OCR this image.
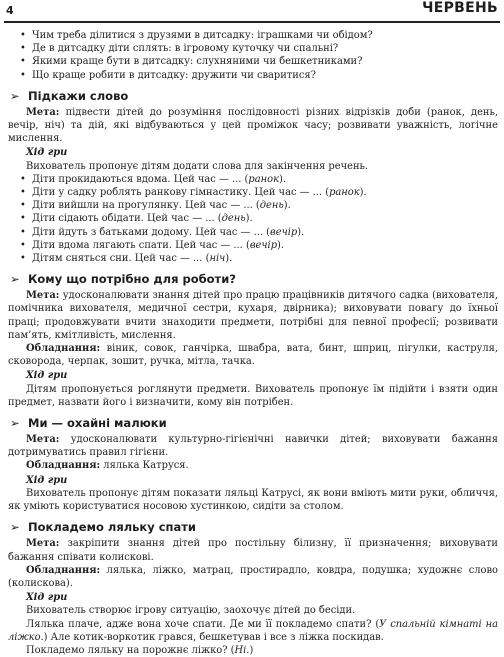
4	ЧЕРВЕНЬ
• Чим треба ділитися з друзями в дитсадку: іграшками чи обідом?
• Де в дитсадку діти сплять: в ігровому куточку чи спальні?
• Якими краще бути в дитсадку: слухняними чи бешкетниками?
• Що краще робити в дитсадку: дружити чи сваритися?
➢ Підкажи слово

Мета: підвести дітей до розуміння послідовності різних відрізків доби (ранок, день, вечір, ніч) та дій, які відбуваються у цей проміжок часу; розвивати уважність, логічне мислення.

Хід гри

Вихователь пропонує дітям додати слова для закінчення речень.

• Діти прокидаються вдома. Цей час — ... (ранок).
• Діти у садку роблять ранкову гімнастику. Цей час — ... (ранок).
• Діти вийшли на прогулянку. Цей час — ... (день).
• Діти сідають обідати. Цей час — ... (день).
• Діти йдуть з батьками додому. Цей час — ... (вечір).
• Діти вдома лягають спати. Цей час — ... (вечір).
• Дітям сняться сни. Цей час — ... (ніч).
➢ Кому що потрібно для роботи?

Мета: удосконалювати знання дітей про працю працівників дитячого садка (вихователя, помічника вихователя, медичної сестри, кухаря, двірника); виховувати повагу до їхньої праці; продовжувати вчити знаходити предмети, потрібні для певної професії; розвивати пам’ять, кмітливість, мислення.

Обладнання: віник, совок, ганчірка, швабра, вата, бинт, шприц, пігулки, каструля, сковорода, черпак, зошит, ручка, мітла, тачка.

Хід гри

Дітям пропонується роглянути предмети. Вихователь пропонує їм підійти і взяти один предмет, назвати його і визначити, кому він потрібен.

➢ Ми — охайні малюки

Мета: удосконалювати культурно-гігієнічні навички дітей; виховувати бажання дотримуватись правил гігієни.

Обладнання: лялька Катруся.

Хід гри

Вихователь пропонує дітям показати ляльці Катрусі, як вони вміють мити руки, обличчя, як уміють користуватися носовою хустинкою, сидіти за столом.

➢ Покладемо ляльку спати

Мета: закріпити знання дітей про постільну білизну, її призначення; виховувати бажання співати колискові.

Обладнання: лялька, ліжко, матрац, простирадло, ковдра, подушка; художнє слово (колискова).

Хід гри

Вихователь створює ігрову ситуацію, заохочує дітей до бесіди.

Лялька плаче, адже вона хоче спати. Де ми її покладемо спати? (У спальній кімнаті на ліжко.) Але котик-воркотик грався, бешкетував і все з ліжка поскидав.

Покладемо ляльку на порожнє ліжко? (Ні.)
